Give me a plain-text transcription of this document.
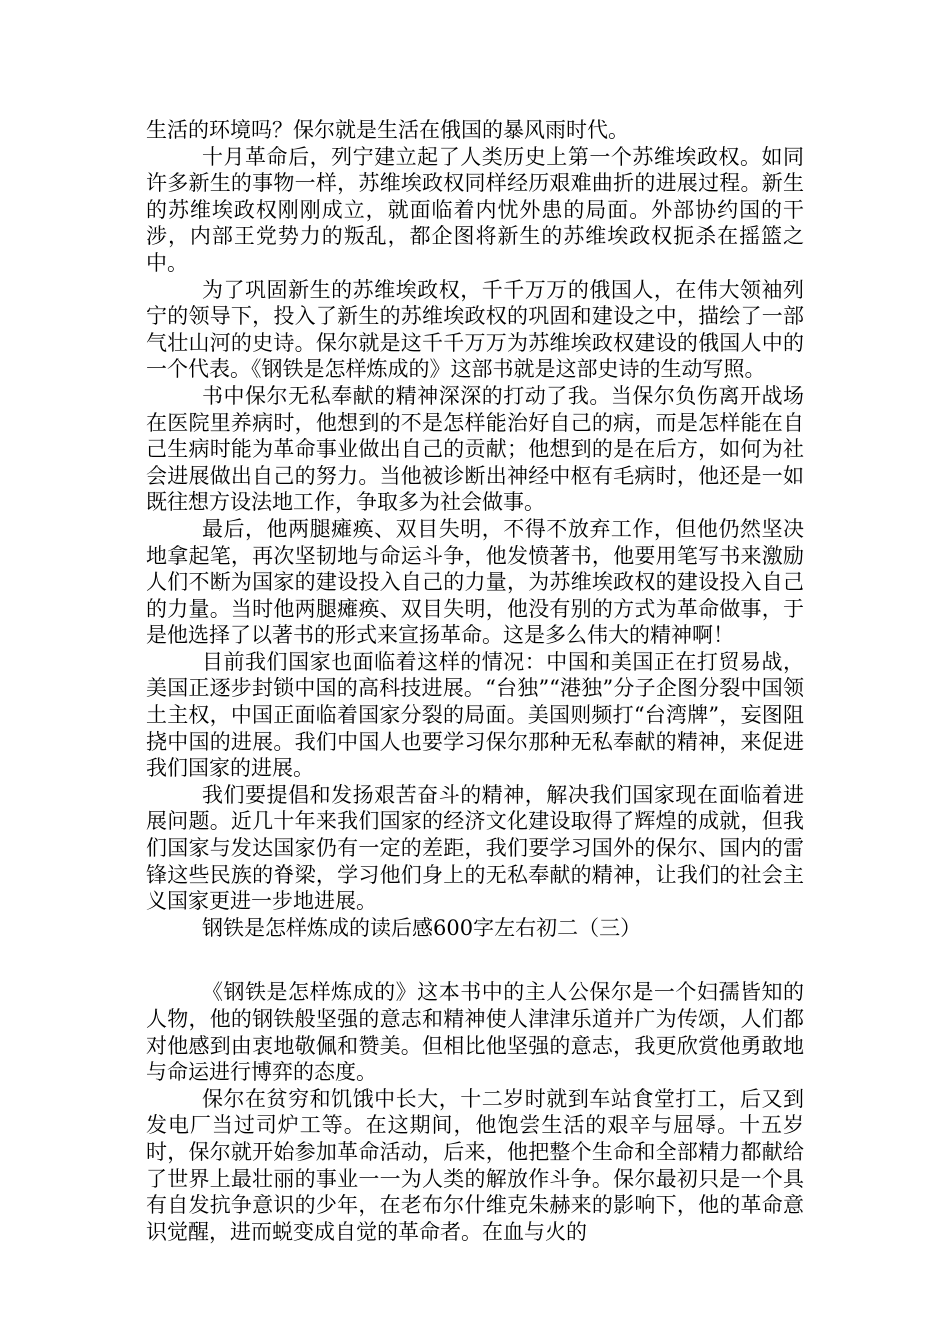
生活的环境吗？保尔就是生活在俄国的暴风雨时代。

十月革命后，列宁建立起了人类历史上第一个苏维埃政权。如同许多新生的事物一样，苏维埃政权同样经历艰难曲折的进展过程。新生的苏维埃政权刚刚成立，就面临着内忧外患的局面。外部协约国的干涉，内部王党势力的叛乱，都企图将新生的苏维埃政权扼杀在摇篮之中。

为了巩固新生的苏维埃政权，千千万万的俄国人，在伟大领袖列宁的领导下，投入了新生的苏维埃政权的巩固和建设之中，描绘了一部气壮山河的史诗。保尔就是这千千万万为苏维埃政权建设的俄国人中的一个代表。《钢铁是怎样炼成的》这部书就是这部史诗的生动写照。

书中保尔无私奉献的精神深深的打动了我。当保尔负伤离开战场在医院里养病时，他想到的不是怎样能治好自己的病，而是怎样能在自己生病时能为革命事业做出自己的贡献；他想到的是在后方，如何为社会进展做出自己的努力。当他被诊断出神经中枢有毛病时，他还是一如既往想方设法地工作，争取多为社会做事。

最后，他两腿瘫痪、双目失明，不得不放弃工作，但他仍然坚决地拿起笔，再次坚韧地与命运斗争，他发愤著书，他要用笔写书来激励人们不断为国家的建设投入自己的力量，为苏维埃政权的建设投入自己的力量。当时他两腿瘫痪、双目失明，他没有别的方式为革命做事，于是他选择了以著书的形式来宣扬革命。这是多么伟大的精神啊！

目前我们国家也面临着这样的情况：中国和美国正在打贸易战，美国正逐步封锁中国的高科技进展。“台独”“港独”分子企图分裂中国领土主权，中国正面临着国家分裂的局面。美国则频打“台湾牌”，妄图阻挠中国的进展。我们中国人也要学习保尔那种无私奉献的精神，来促进我们国家的进展。

我们要提倡和发扬艰苦奋斗的精神，解决我们国家现在面临着进展问题。近几十年来我们国家的经济文化建设取得了辉煌的成就，但我们国家与发达国家仍有一定的差距，我们要学习国外的保尔、国内的雷锋这些民族的脊梁，学习他们身上的无私奉献的精神，让我们的社会主义国家更进一步地进展。

钢铁是怎样炼成的读后感600字左右初二（三）

《钢铁是怎样炼成的》这本书中的主人公保尔是一个妇孺皆知的人物，他的钢铁般坚强的意志和精神使人津津乐道并广为传颂，人们都对他感到由衷地敬佩和赞美。但相比他坚强的意志，我更欣赏他勇敢地与命运进行博弈的态度。

保尔在贫穷和饥饿中长大，十二岁时就到车站食堂打工，后又到发电厂当过司炉工等。在这期间，他饱尝生活的艰辛与屈辱。十五岁时，保尔就开始参加革命活动，后来，他把整个生命和全部精力都献给了世界上最壮丽的事业一一为人类的解放作斗争。保尔最初只是一个具有自发抗争意识的少年，在老布尔什维克朱赫来的影响下，他的革命意识觉醒，进而蜕变成自觉的革命者。在血与火的
